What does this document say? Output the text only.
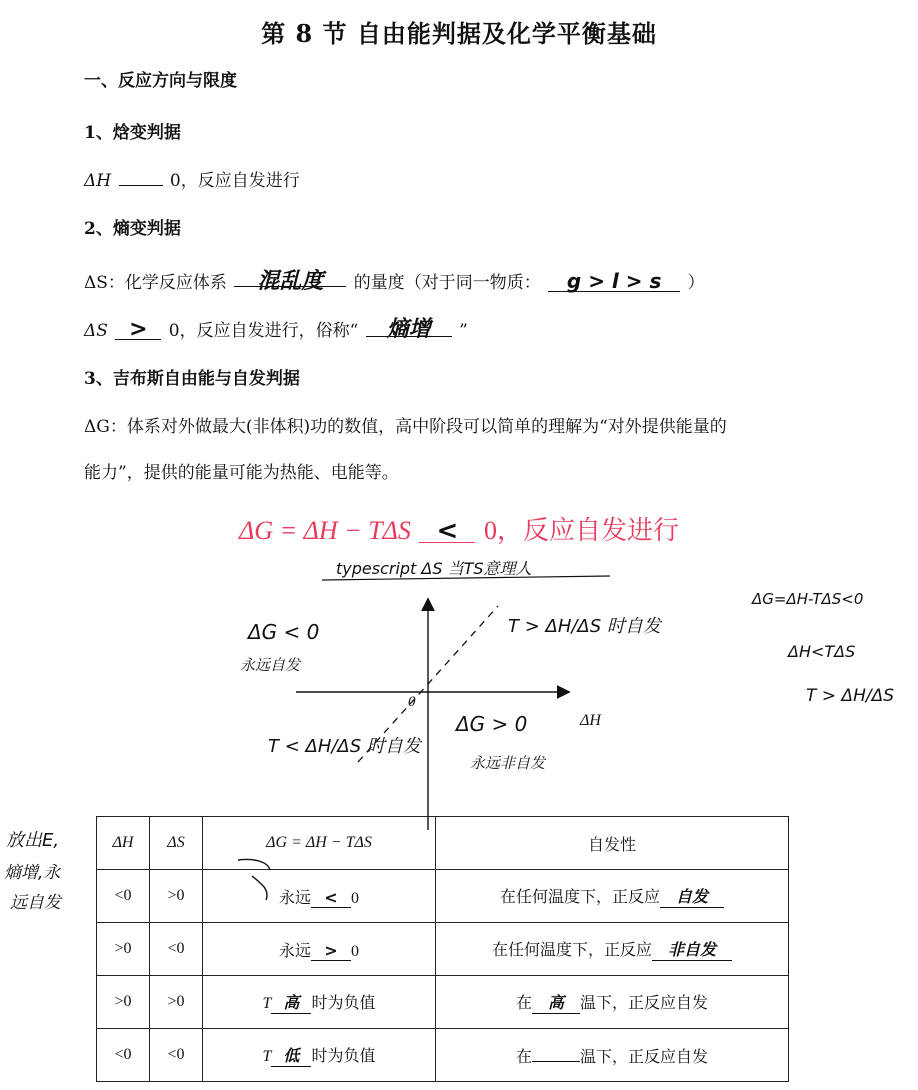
第 8 节 自由能判据及化学平衡基础
一、反应方向与限度
1、焓变判据
ΔH	0，反应自发进行
2、熵变判据
ΔS：化学反应体系 混乱度 的量度（对于同一物质： g > l > s ）
ΔS > 0，反应自发进行，俗称“ 熵增 ”
3、吉布斯自由能与自发判据
ΔG：体系对外做最大(非体积)功的数值，高中阶段可以简单的理解为“对外提供能量的
能力”，提供的能量可能为热能、电能等。
ΔG = ΔH − TΔS < 0，反应自发进行
ΔH
0
typescript ΔS 当TS意理人
ΔG < 0
永远自发
T > ΔH/ΔS 时自发
T < ΔH/ΔS 时自发
ΔG > 0
永远非自发
ΔG=ΔH-TΔS<0
ΔH<TΔS
T > ΔH/ΔS
放出E,
熵增,永
远自发
ΔH	ΔS	ΔG = ΔH − TΔS	自发性
<0	>0	永远 < 0	在任何温度下，正反应 自发
>0	<0	永远 > 0	在任何温度下，正反应 非自发
>0	>0	T 高 时为负值	在 高 温下，正反应自发
<0	<0	T 低 时为负值	在 温下，正反应自发
